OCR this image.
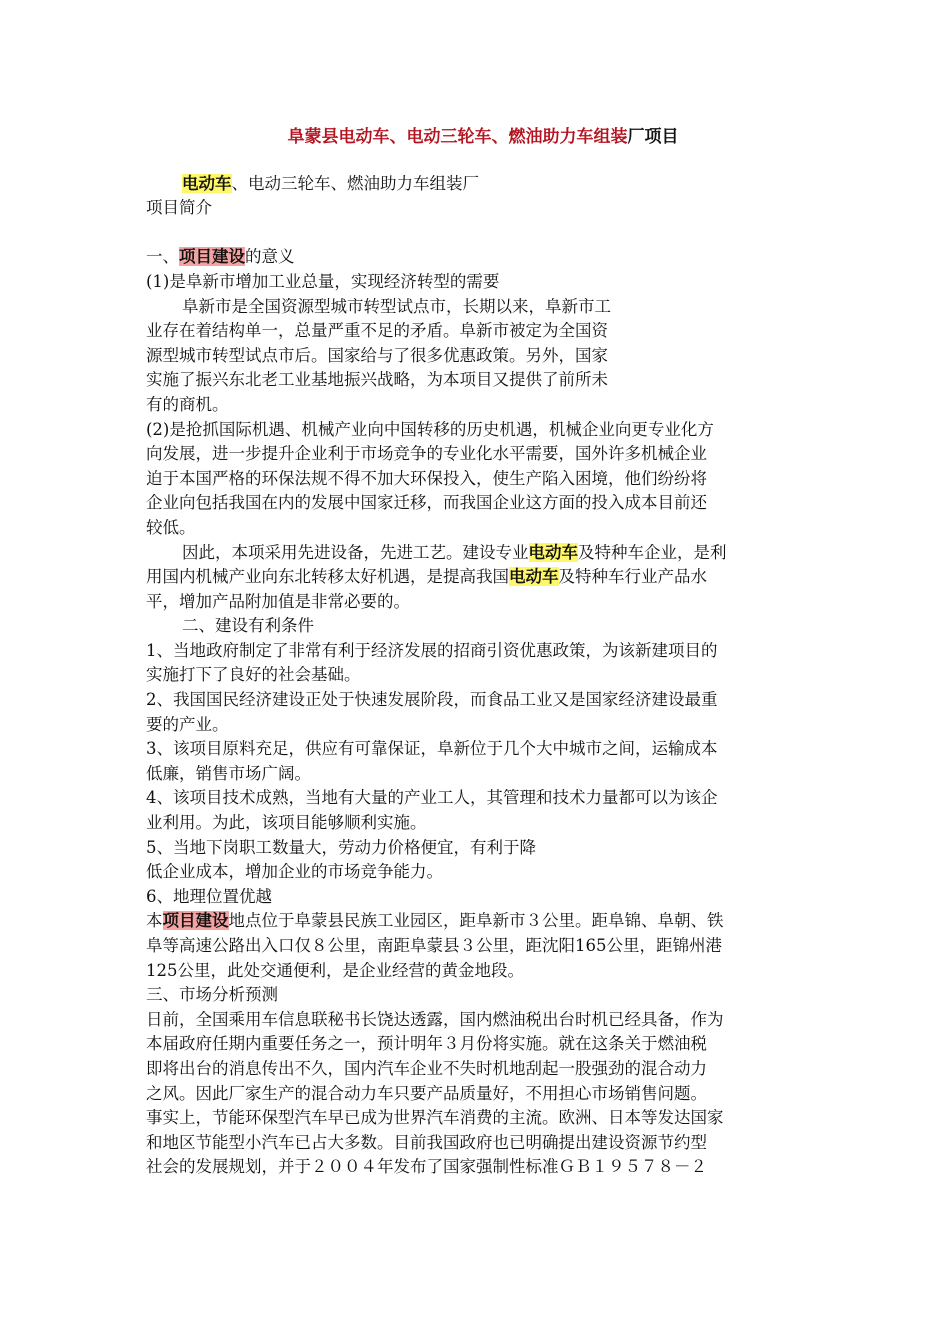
阜蒙县电动车、电动三轮车、燃油助力车组装厂项目

电动车、电动三轮车、燃油助力车组装厂

项目简介

一、项目建设的意义

(1)是阜新市增加工业总量，实现经济转型的需要

阜新市是全国资源型城市转型试点市，长期以来，阜新市工

业存在着结构单一，总量严重不足的矛盾。阜新市被定为全国资

源型城市转型试点市后。国家给与了很多优惠政策。另外，国家

实施了振兴东北老工业基地振兴战略，为本项目又提供了前所未

有的商机。

(2)是抢抓国际机遇、机械产业向中国转移的历史机遇，机械企业向更专业化方

向发展，进一步提升企业利于市场竞争的专业化水平需要，国外许多机械企业

迫于本国严格的环保法规不得不加大环保投入，使生产陷入困境，他们纷纷将

企业向包括我国在内的发展中国家迁移，而我国企业这方面的投入成本目前还

较低。

因此，本项采用先进设备，先进工艺。建设专业电动车及特种车企业，是利

用国内机械产业向东北转移太好机遇，是提高我国电动车及特种车行业产品水

平，增加产品附加值是非常必要的。

二、建设有利条件

1、当地政府制定了非常有利于经济发展的招商引资优惠政策，为该新建项目的

实施打下了良好的社会基础。

2、我国国民经济建设正处于快速发展阶段，而食品工业又是国家经济建设最重

要的产业。

3、该项目原料充足，供应有可靠保证，阜新位于几个大中城市之间，运输成本

低廉，销售市场广阔。

4、该项目技术成熟，当地有大量的产业工人，其管理和技术力量都可以为该企

业利用。为此，该项目能够顺利实施。

5、当地下岗职工数量大，劳动力价格便宜，有利于降

低企业成本，增加企业的市场竞争能力。

6、地理位置优越

本项目建设地点位于阜蒙县民族工业园区，距阜新市３公里。距阜锦、阜朝、铁

阜等高速公路出入口仅８公里，南距阜蒙县３公里，距沈阳165公里，距锦州港

125公里，此处交通便利，是企业经营的黄金地段。

三、市场分析预测

日前，全国乘用车信息联秘书长饶达透露，国内燃油税出台时机已经具备，作为

本届政府任期内重要任务之一，预计明年３月份将实施。就在这条关于燃油税

即将出台的消息传出不久，国内汽车企业不失时机地刮起一股强劲的混合动力

之风。因此厂家生产的混合动力车只要产品质量好，不用担心市场销售问题。

事实上，节能环保型汽车早已成为世界汽车消费的主流。欧洲、日本等发达国家

和地区节能型小汽车已占大多数。目前我国政府也已明确提出建设资源节约型

社会的发展规划，并于２００４年发布了国家强制性标准ＧＢ１９５７８－２
